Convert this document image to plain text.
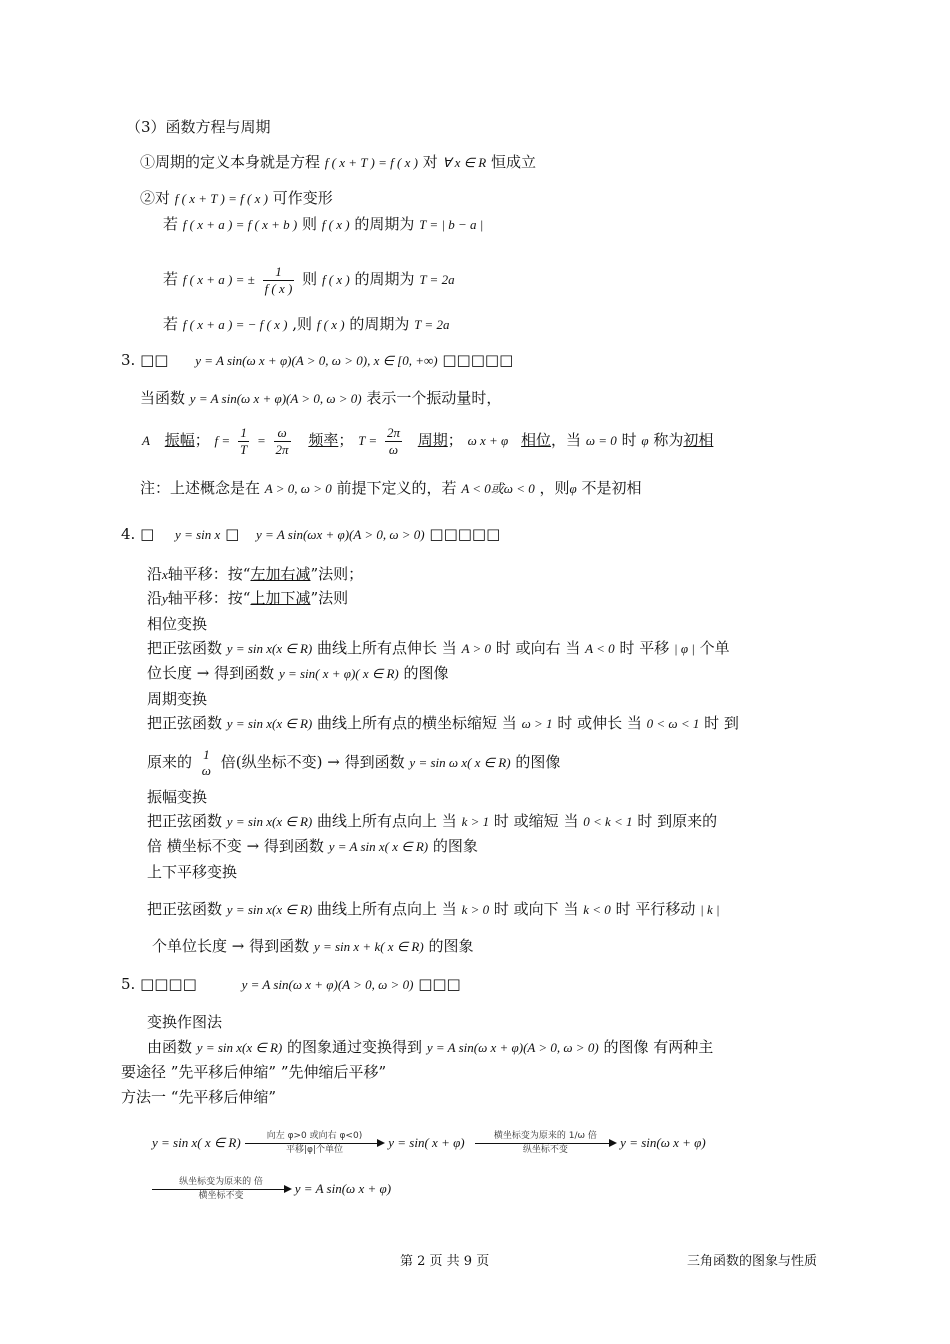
（3）函数方程与周期
①周期的定义本身就是方程 f ( x + T ) = f ( x ) 对 ∀ x ∈ R 恒成立
②对 f ( x + T ) = f ( x ) 可作变形
若 f ( x + a ) = f ( x + b ) 则 f ( x ) 的周期为 T = | b − a |
若 f ( x + a ) = ± $\frac{1}{f ( x )}$ 则 f ( x ) 的周期为 T = 2a
若 f ( x + a ) = − f ( x ) ,则 f ( x ) 的周期为 T = 2a
3. □□ y = A sin(ω x + φ)(A > 0, ω > 0), x ∈ [0, +∞) □□□□□
当函数 y = A sin(ω x + φ)(A > 0, ω > 0) 表示一个振动量时，
A 振幅； $f = \frac{1}{T} = \frac{\omega}{2\pi}$ 频率； $T = \frac{2\pi}{\omega}$ 周期； ω x + φ 相位，当 ω = 0 时 φ 称为初相
注：上述概念是在 A > 0, ω > 0 前提下定义的，若 A < 0或ω < 0 ，则φ 不是初相
4. □ y = sin x □ y = A sin(ωx + φ)(A > 0, ω > 0) □□□□□
沿x轴平移：按“左加右减”法则；
沿y轴平移：按“上加下减”法则
相位变换
把正弦函数 y = sin x(x ∈ R) 曲线上所有点伸长 当 A > 0 时 或向右 当 A < 0 时 平移 | φ | 个单
位长度 → 得到函数 y = sin( x + φ)( x ∈ R) 的图像
周期变换
把正弦函数 y = sin x(x ∈ R) 曲线上所有点的横坐标缩短 当 ω > 1 时 或伸长 当 0 < ω < 1 时 到
原来的 1
ω 倍(纵坐标不变) → 得到函数 y = sin ω x( x ∈ R) 的图像
振幅变换
把正弦函数 y = sin x(x ∈ R) 曲线上所有点向上 当 k > 1 时 或缩短 当 0 < k < 1 时 到原来的
倍 横坐标不变 → 得到函数 y = A sin x( x ∈ R) 的图象
上下平移变换
把正弦函数 y = sin x(x ∈ R) 曲线上所有点向上 当 k > 0 时 或向下 当 k < 0 时 平行移动 | k |
个单位长度 → 得到函数 y = sin x + k( x ∈ R) 的图象
5. □□□□	y = A sin(ω x + φ)(A > 0, ω > 0) □□□
变换作图法
由函数 y = sin x(x ∈ R) 的图象通过变换得到 y = A sin(ω x + φ)(A > 0, ω > 0) 的图像 有两种主
要途径 ”先平移后伸缩” ”先伸缩后平移”
方法一 “先平移后伸缩”
y = sin x( x ∈ R)	向左 φ>0 或向右 φ<0)
平移|φ|个单位	y = sin( x + φ)	横坐标变为原来的 1/ω 倍
纵坐标不变	y = sin(ω x + φ)
纵坐标变为原来的 倍
横坐标不变	y = A sin(ω x + φ)
第 2 页 共 9 页	三角函数的图象与性质
